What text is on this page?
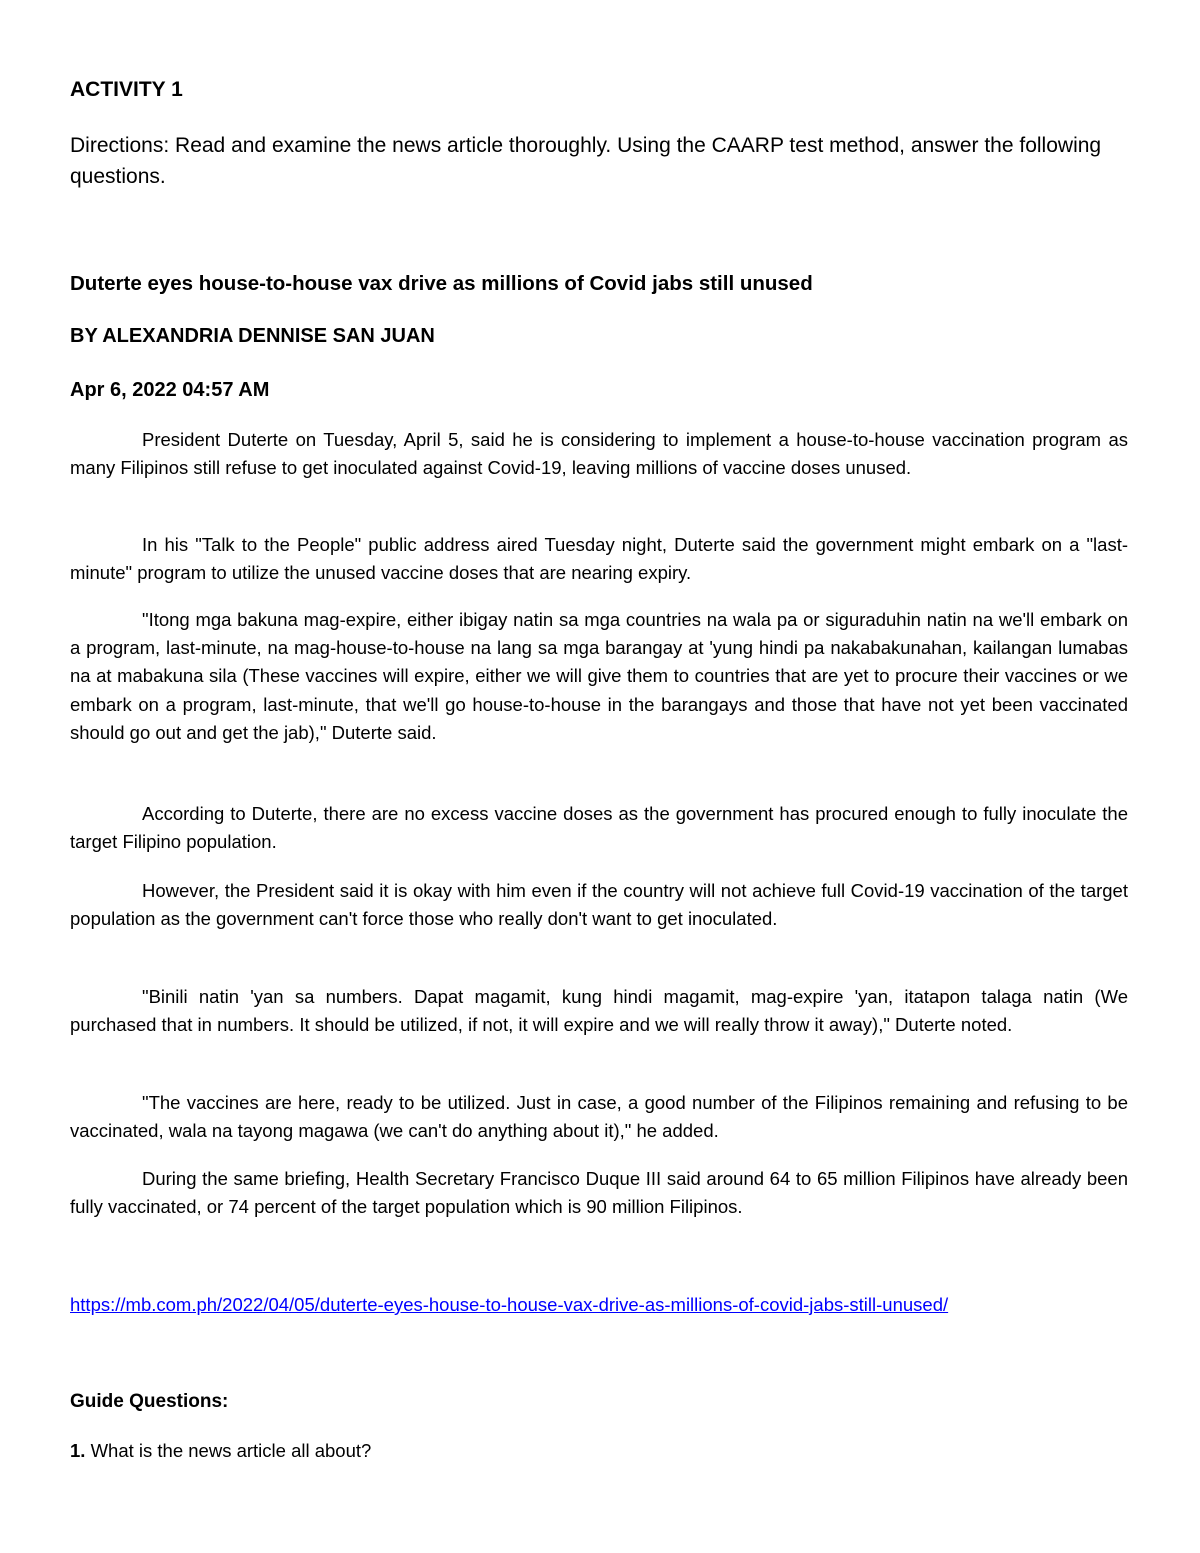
ACTIVITY 1

Directions: Read and examine the news article thoroughly. Using the CAARP test method, answer the following questions.

Duterte eyes house-to-house vax drive as millions of Covid jabs still unused
BY ALEXANDRIA DENNISE SAN JUAN
Apr 6, 2022 04:57 AM

President Duterte on Tuesday, April 5, said he is considering to implement a house-to-house vaccination program as many Filipinos still refuse to get inoculated against Covid-19, leaving millions of vaccine doses unused.

In his "Talk to the People" public address aired Tuesday night, Duterte said the government might embark on a "last-minute" program to utilize the unused vaccine doses that are nearing expiry.

"Itong mga bakuna mag-expire, either ibigay natin sa mga countries na wala pa or siguraduhin natin na we'll embark on a program, last-minute, na mag-house-to-house na lang sa mga barangay at 'yung hindi pa nakabakunahan, kailangan lumabas na at mabakuna sila (These vaccines will expire, either we will give them to countries that are yet to procure their vaccines or we embark on a program, last-minute, that we'll go house-to-house in the barangays and those that have not yet been vaccinated should go out and get the jab)," Duterte said.

According to Duterte, there are no excess vaccine doses as the government has procured enough to fully inoculate the target Filipino population.

However, the President said it is okay with him even if the country will not achieve full Covid-19 vaccination of the target population as the government can't force those who really don't want to get inoculated.

"Binili natin 'yan sa numbers. Dapat magamit, kung hindi magamit, mag-expire 'yan, itatapon talaga natin (We purchased that in numbers. It should be utilized, if not, it will expire and we will really throw it away)," Duterte noted.

"The vaccines are here, ready to be utilized. Just in case, a good number of the Filipinos remaining and refusing to be vaccinated, wala na tayong magawa (we can't do anything about it)," he added.

During the same briefing, Health Secretary Francisco Duque III said around 64 to 65 million Filipinos have already been fully vaccinated, or 74 percent of the target population which is 90 million Filipinos.

https://mb.com.ph/2022/04/05/duterte-eyes-house-to-house-vax-drive-as-millions-of-covid-jabs-still-unused/
Guide Questions:

1. What is the news article all about?
